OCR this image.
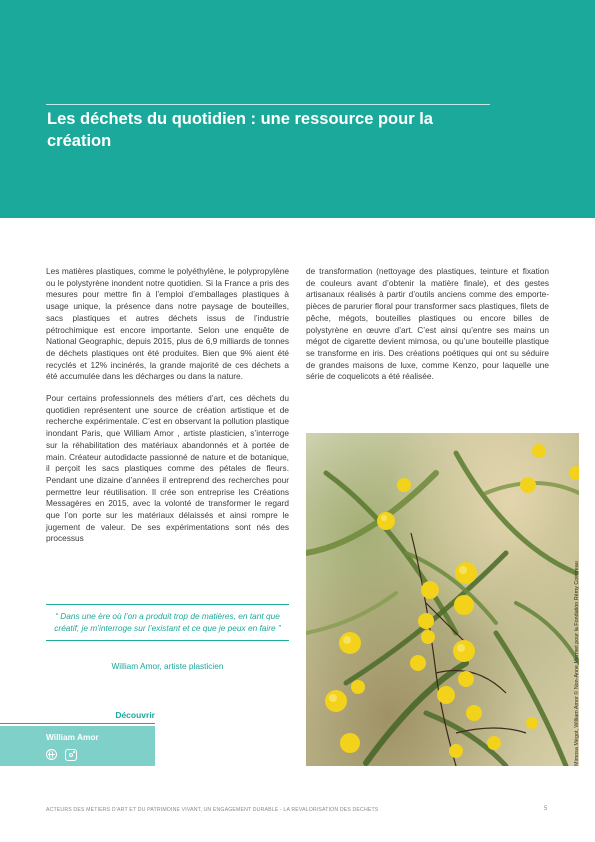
Les déchets du quotidien : une ressource pour la création

Les matières plastiques, comme le polyéthylène, le polypropylène ou le polystyrène inondent notre quotidien. Si la France a pris des mesures pour mettre fin à l’emploi d’emballages plastiques à usage unique, la présence dans notre paysage de bouteilles, sacs plastiques et autres déchets issus de l’industrie pétrochimique est encore importante. Selon une enquête de National Geographic, depuis 2015, plus de 6,9 milliards de tonnes de déchets plastiques ont été produites. Bien que 9% aient été recyclés et 12% incinérés, la grande majorité de ces déchets a été accumulée dans les décharges ou dans la nature.

Pour certains professionnels des métiers d’art, ces déchets du quotidien représentent une source de création artistique et de recherche expérimentale. C’est en observant la pollution plastique inondant Paris, que William Amor , artiste plasticien, s’interroge sur la réhabilitation des matériaux abandonnés et à portée de main. Créateur autodidacte passionné de nature et de botanique, il perçoit les sacs plastiques comme des pétales de fleurs. Pendant une dizaine d’années il entreprend des recherches pour permettre leur réutilisation. Il crée son entreprise les Créations Messagères en 2015, avec la volonté de transformer le regard que l’on porte sur les matériaux délaissés et ainsi rompre le jugement de valeur. De ses expérimentations sont nés des processus

de transformation (nettoyage des plastiques, teinture et fixation de couleurs avant d’obtenir la matière finale), et des gestes artisanaux réalisés à partir d’outils anciens comme des emporte-pièces de parurier floral pour transformer sacs plastiques, filets de pêche, mégots, bouteilles plastiques ou encore billes de polystyrène en œuvre d’art. C’est ainsi qu’entre ses mains un mégot de cigarette devient mimosa, ou qu’une bouteille plastique se transforme en iris. Des créations poétiques qui ont su séduire de grandes maisons de luxe, comme Kenzo, pour laquelle une série de coquelicots a été réalisée.

“ Dans une ère où l’on a produit trop de matières, en tant que créatif, je m’interroge sur l’existant et ce que je peux en faire ”

William Amor, artiste plasticien
Découvrir
William Amor	Mimosa Mégot, William Amor © Non-Anne Mermet pour la Fondation Rémy Cointreau
ACTEURS DES METIERS D’ART ET DU PATRIMOINE VIVANT, UN ENGAGEMENT DURABLE - LA REVALORISATION DES DECHETS	5
